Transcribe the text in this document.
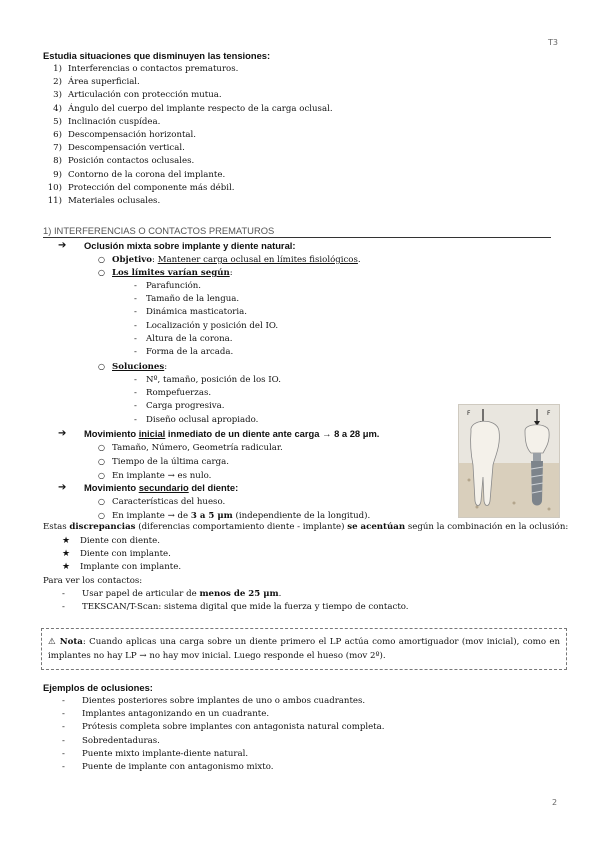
T3
2
Estudia situaciones que disminuyen las tensiones:
1) Interferencias o contactos prematuros.
2) Área superficial.
3) Articulación con protección mutua.
4) Ángulo del cuerpo del implante respecto de la carga oclusal.
5) Inclinación cuspídea.
6) Descompensación horizontal.
7) Descompensación vertical.
8) Posición contactos oclusales.
9) Contorno de la corona del implante.
10) Protección del componente más débil.
11) Materiales oclusales.
1) INTERFERENCIAS O CONTACTOS PREMATUROS
➔	Oclusión mixta sobre implante y diente natural:
○ Objetivo: Mantener carga oclusal en límites fisiológicos.
○ Los límites varían según:
- Parafunción.
- Tamaño de la lengua.
- Dinámica masticatoria.
- Localización y posición del IO.
- Altura de la corona.
- Forma de la arcada.
○ Soluciones:
- Nº, tamaño, posición de los IO.
- Rompefuerzas.
- Carga progresiva.
- Diseño oclusal apropiado.
F	F
➔	Movimiento inicial inmediato de un diente ante carga → 8 a 28 μm.
○ Tamaño, Número, Geometría radicular.
○ Tiempo de la última carga.
○ En implante → es nulo.
➔	Movimiento secundario del diente:
○ Características del hueso.
○ En implante → de 3 a 5 μm (independiente de la longitud).
Estas discrepancias (diferencias comportamiento diente - implante) se acentúan según la combinación en la oclusión:
★ Diente con diente.
★ Diente con implante.
★ Implante con implante.
Para ver los contactos:
- Usar papel de articular de menos de 25 μm.
- TEKSCAN/T-Scan: sistema digital que mide la fuerza y tiempo de contacto.
⚠ Nota: Cuando aplicas una carga sobre un diente primero el LP actúa como amortiguador (mov inicial), como en implantes no hay LP → no hay mov inicial. Luego responde el hueso (mov 2º).
Ejemplos de oclusiones:
- Dientes posteriores sobre implantes de uno o ambos cuadrantes.
- Implantes antagonizando en un cuadrante.
- Prótesis completa sobre implantes con antagonista natural completa.
- Sobredentaduras.
- Puente mixto implante-diente natural.
- Puente de implante con antagonismo mixto.
